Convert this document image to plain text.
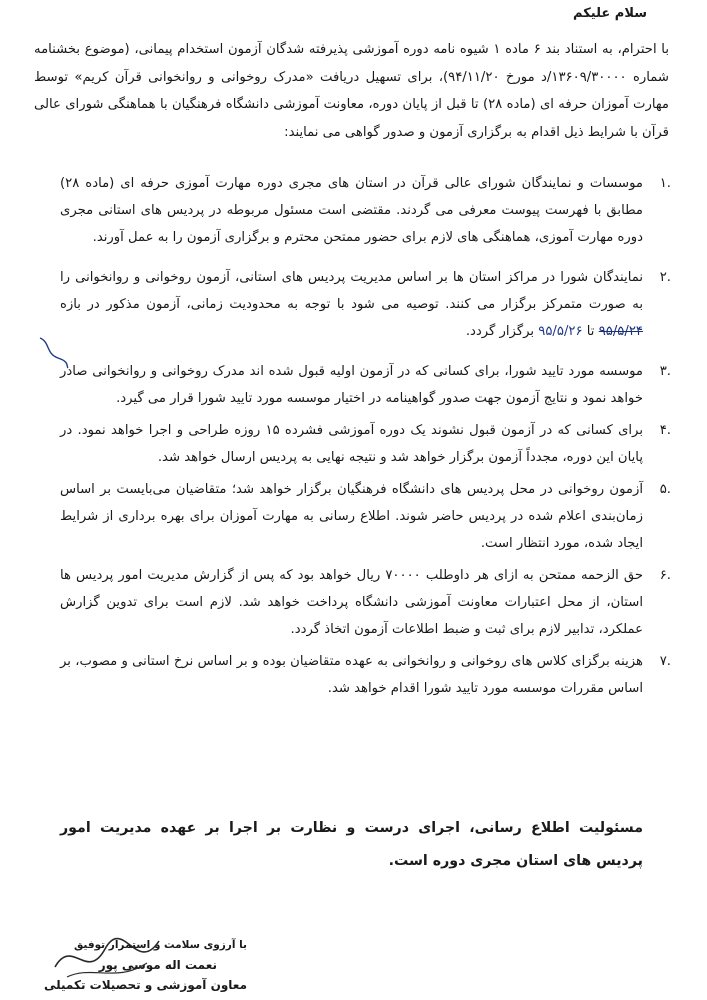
سلام علیکم

با احترام، به استناد بند ۶ ماده ۱ شیوه نامه دوره آموزشی پذیرفته شدگان آزمون استخدام پیمانی، (موضوع بخشنامه شماره ۱۳۶۰۹/۳۰۰۰۰/د مورخ ۹۴/۱۱/۲۰)، برای تسهیل دریافت «مدرک روخوانی و روانخوانی قرآن کریم» توسط مهارت آموزان حرفه ای (ماده ۲۸) تا قبل از پایان دوره، معاونت آموزشی دانشگاه فرهنگیان با هماهنگی شورای عالی قرآن با شرایط ذیل اقدام به برگزاری آزمون و صدور گواهی می نمایند:

.۱
موسسات و نمایندگان شورای عالی قرآن در استان های مجری دوره مهارت آموزی حرفه ای (ماده ۲۸) مطابق با فهرست پیوست معرفی می گردند. مقتضی است مسئول مربوطه در پردیس های استانی مجری دوره مهارت آموزی، هماهنگی های لازم برای حضور ممتحن محترم و برگزاری آزمون را به عمل آورند.
.۲
نمایندگان شورا در مراکز استان ها بر اساس مدیریت پردیس های استانی، آزمون روخوانی و روانخوانی را به صورت متمرکز برگزار می کنند. توصیه می شود با توجه به محدودیت زمانی، آزمون مذکور در بازه ۹۵/۵/۲۴ تا ۹۵/۵/۲۶ برگزار گردد.
.۳
موسسه مورد تایید شورا، برای کسانی که در آزمون اولیه قبول شده اند مدرک روخوانی و روانخوانی صادر خواهد نمود و نتایج آزمون جهت صدور گواهینامه در اختیار موسسه مورد تایید شورا قرار می گیرد.
.۴
برای کسانی که در آزمون قبول نشوند یک دوره آموزشی فشرده ۱۵ روزه طراحی و اجرا خواهد نمود. در پایان این دوره، مجدداً آزمون برگزار خواهد شد و نتیجه نهایی به پردیس ارسال خواهد شد.
.۵
آزمون روخوانی در محل پردیس های دانشگاه فرهنگیان برگزار خواهد شد؛ متقاضیان می‌بایست بر اساس زمان‌بندی اعلام شده در پردیس حاضر شوند. اطلاع رسانی به مهارت آموزان برای بهره برداری از شرایط ایجاد شده، مورد انتظار است.
.۶
حق الزحمه ممتحن به ازای هر داوطلب ۷۰۰۰۰ ریال خواهد بود که پس از گزارش مدیریت امور پردیس ها استان، از محل اعتبارات معاونت آموزشی دانشگاه پرداخت خواهد شد. لازم است برای تدوین گزارش عملکرد، تدابیر لازم برای ثبت و ضبط اطلاعات آزمون اتخاذ گردد.
.۷
هزینه برگزای کلاس های روخوانی و روانخوانی به عهده متقاضیان بوده و بر اساس نرخ استانی و مصوب، بر اساس مقررات موسسه مورد تایید شورا اقدام خواهد شد.

مسئولیت اطلاع رسانی، اجرای درست و نظارت بر اجرا بر عهده مدیریت امور پردیس های استان مجری دوره است.

با آرزوی سلامت و استمرار توفیق
نعمت اله موسی پور
معاون آموزشی و تحصیلات تکمیلی
